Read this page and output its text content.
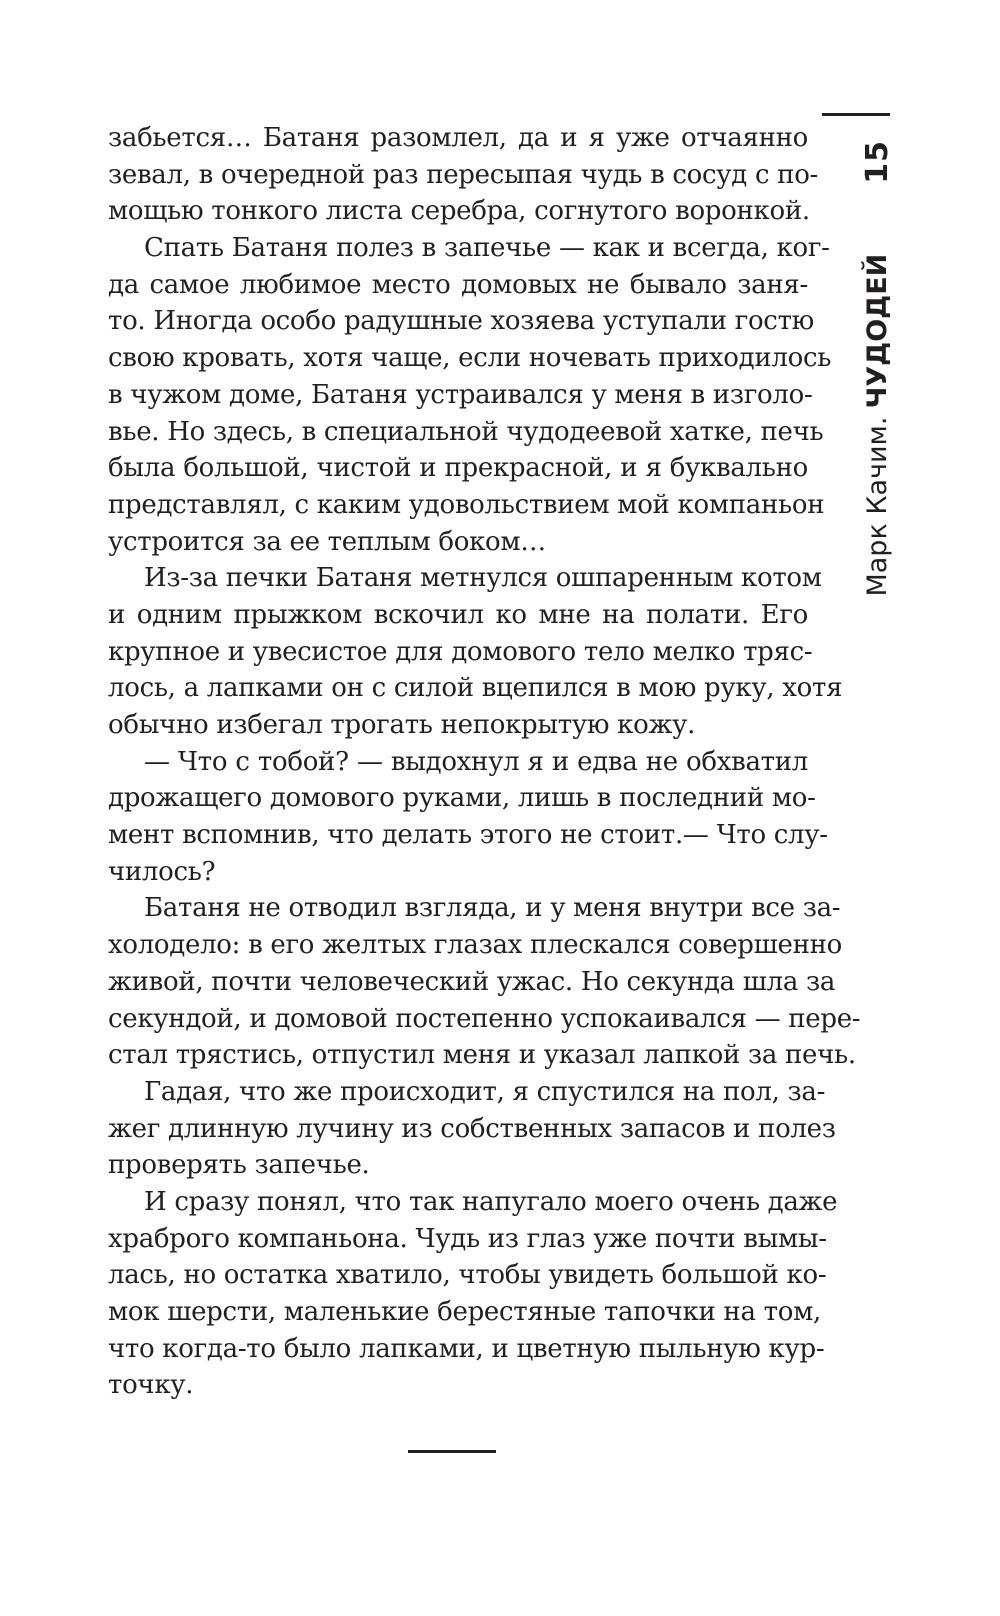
забьется… Батаня разомлел, да и я уже отчаянно
зевал, в очередной раз пересыпая чудь в сосуд с по-
мощью тонкого листа серебра, согнутого воронкой.
Спать Батаня полез в запечье — как и всегда, ког-
да самое любимое место домовых не бывало заня-
то. Иногда особо радушные хозяева уступали гостю
свою кровать, хотя чаще, если ночевать приходилось
в чужом доме, Батаня устраивался у меня в изголо-
вье. Но здесь, в специальной чудодеевой хатке, печь
была большой, чистой и прекрасной, и я буквально
представлял, с каким удовольствием мой компаньон
устроится за ее теплым боком…
Из-за печки Батаня метнулся ошпаренным котом
и одним прыжком вскочил ко мне на полати. Его
крупное и увесистое для домового тело мелко тряс-
лось, а лапками он с силой вцепился в мою руку, хотя
обычно избегал трогать непокрытую кожу.
— Что с тобой? — выдохнул я и едва не обхватил
дрожащего домового руками, лишь в последний мо-
мент вспомнив, что делать этого не стоит.— Что слу-
чилось?
Батаня не отводил взгляда, и у меня внутри все за-
холодело: в его желтых глазах плескался совершенно
живой, почти человеческий ужас. Но секунда шла за
секундой, и домовой постепенно успокаивался — пере-
стал трястись, отпустил меня и указал лапкой за печь.
Гадая, что же происходит, я спустился на пол, за-
жег длинную лучину из собственных запасов и полез
проверять запечье.
И сразу понял, что так напугало моего очень даже
храброго компаньона. Чудь из глаз уже почти вымы-
лась, но остатка хватило, чтобы увидеть большой ко-
мок шерсти, маленькие берестяные тапочки на том,
что когда-то было лапками, и цветную пыльную кур-
точку.
Марк Качим.
ЧУДОДЕЙ
15
